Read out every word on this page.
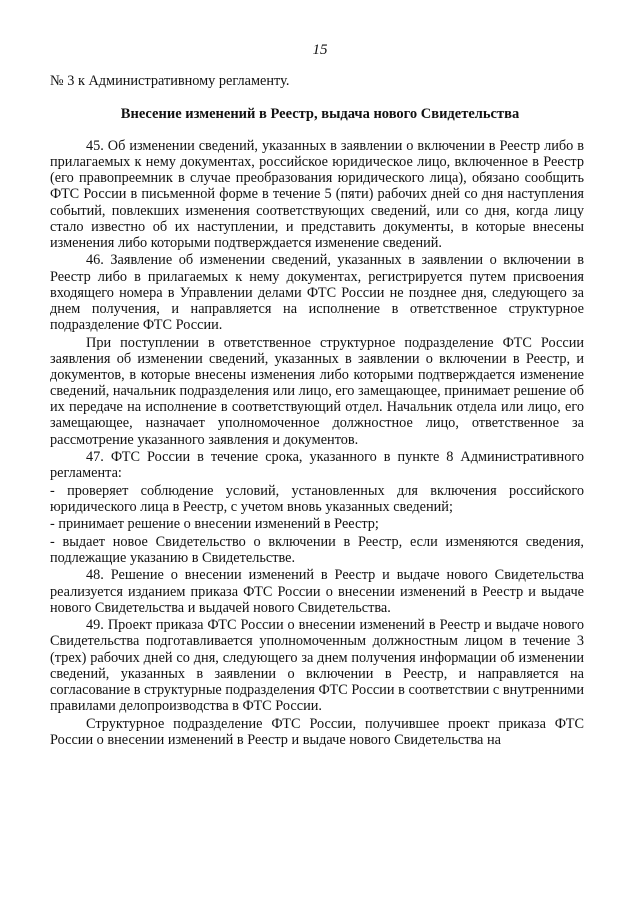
15
№ 3 к Административному регламенту.
Внесение изменений в Реестр, выдача нового Свидетельства

45. Об изменении сведений, указанных в заявлении о включении в Реестр либо в прилагаемых к нему документах, российское юридическое лицо, включенное в Реестр (его правопреемник в случае преобразования юридического лица), обязано сообщить ФТС России в письменной форме в течение 5 (пяти) рабочих дней со дня наступления событий, повлекших изменения соответствующих сведений, или со дня, когда лицу стало известно об их наступлении, и представить документы, в которые внесены изменения либо которыми подтверждается изменение сведений.

46. Заявление об изменении сведений, указанных в заявлении о включении в Реестр либо в прилагаемых к нему документах, регистрируется путем присвоения входящего номера в Управлении делами ФТС России не позднее дня, следующего за днем получения, и направляется на исполнение в ответственное структурное подразделение ФТС России.

При поступлении в ответственное структурное подразделение ФТС России заявления об изменении сведений, указанных в заявлении о включении в Реестр, и документов, в которые внесены изменения либо которыми подтверждается изменение сведений, начальник подразделения или лицо, его замещающее, принимает решение об их передаче на исполнение в соответствующий отдел. Начальник отдела или лицо, его замещающее, назначает уполномоченное должностное лицо, ответственное за рассмотрение указанного заявления и документов.

47. ФТС России в течение срока, указанного в пункте 8 Административного регламента:

- проверяет соблюдение условий, установленных для включения российского юридического лица в Реестр, с учетом вновь указанных сведений;

- принимает решение о внесении изменений в Реестр;

- выдает новое Свидетельство о включении в Реестр, если изменяются сведения, подлежащие указанию в Свидетельстве.

48. Решение о внесении изменений в Реестр и выдаче нового Свидетельства реализуется изданием приказа ФТС России о внесении изменений в Реестр и выдаче нового Свидетельства и выдачей нового Свидетельства.

49. Проект приказа ФТС России о внесении изменений в Реестр и выдаче нового Свидетельства подготавливается уполномоченным должностным лицом в течение 3 (трех) рабочих дней со дня, следующего за днем получения информации об изменении сведений, указанных в заявлении о включении в Реестр, и направляется на согласование в структурные подразделения ФТС России в соответствии с внутренними правилами делопроизводства в ФТС России.

Структурное подразделение ФТС России, получившее проект приказа ФТС России о внесении изменений в Реестр и выдаче нового Свидетельства на
